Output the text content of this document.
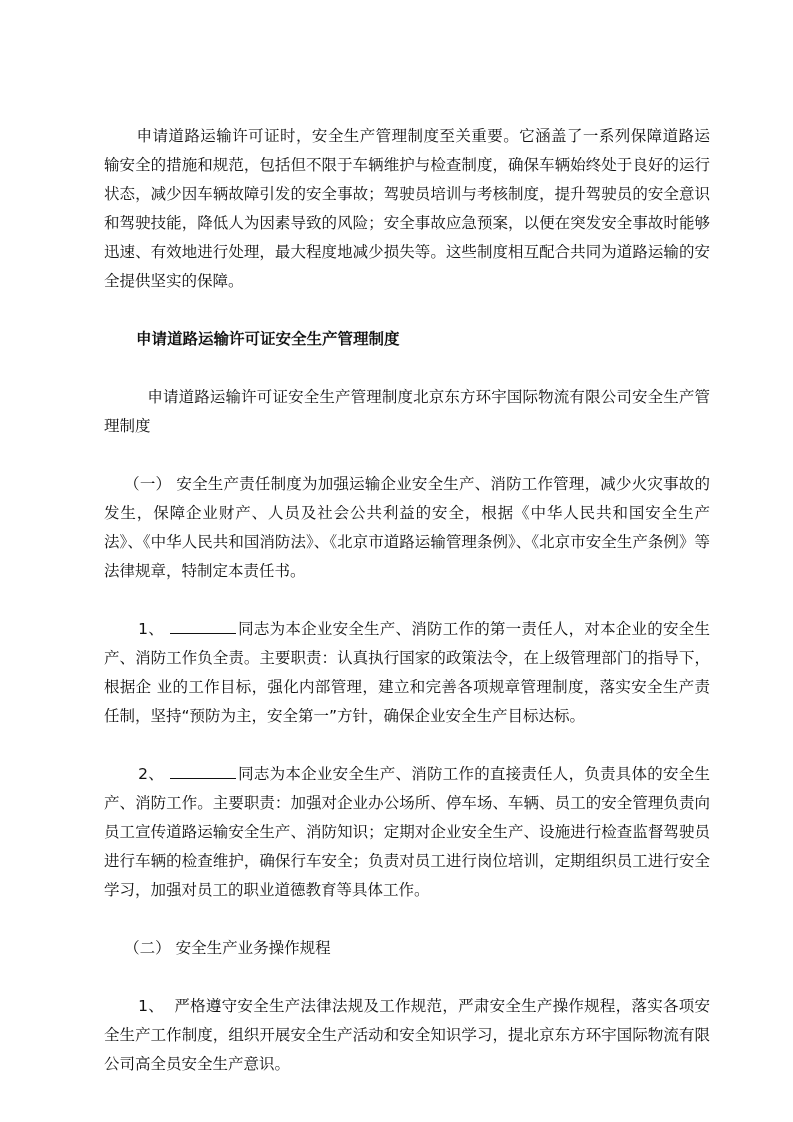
申请道路运输许可证时，安全生产管理制度至关重要。它涵盖了一系列保障道路运输安全的措施和规范，包括但不限于车辆维护与检查制度，确保车辆始终处于良好的运行状态，减少因车辆故障引发的安全事故；驾驶员培训与考核制度，提升驾驶员的安全意识和驾驶技能，降低人为因素导致的风险；安全事故应急预案，以便在突发安全事故时能够迅速、有效地进行处理，最大程度地减少损失等。这些制度相互配合共同为道路运输的安全提供坚实的保障。

申请道路运输许可证安全生产管理制度

申请道路运输许可证安全生产管理制度北京东方环宇国际物流有限公司安全生产管理制度

（一） 安全生产责任制度为加强运输企业安全生产、消防工作管理，减少火灾事故的发生，保障企业财产、人员及社会公共利益的安全，根据《中华人民共和国安全生产法》、《中华人民共和国消防法》、《北京市道路运输管理条例》、《北京市安全生产条例》等法律规章，特制定本责任书。

1、	同志为本企业安全生产、消防工作的第一责任人，对本企业的安全生产、消防工作负全责。主要职责：认真执行国家的政策法令，在上级管理部门的指导下，根据企 业的工作目标，强化内部管理，建立和完善各项规章管理制度，落实安全生产责任制，坚持“预防为主，安全第一”方针，确保企业安全生产目标达标。

2、	同志为本企业安全生产、消防工作的直接责任人，负责具体的安全生产、消防工作。主要职责：加强对企业办公场所、停车场、车辆、员工的安全管理负责向员工宣传道路运输安全生产、消防知识；定期对企业安全生产、设施进行检查监督驾驶员进行车辆的检查维护，确保行车安全；负责对员工进行岗位培训，定期组织员工进行安全学习，加强对员工的职业道德教育等具体工作。

（二） 安全生产业务操作规程

1、 严格遵守安全生产法律法规及工作规范，严肃安全生产操作规程，落实各项安全生产工作制度，组织开展安全生产活动和安全知识学习，提北京东方环宇国际物流有限公司高全员安全生产意识。
